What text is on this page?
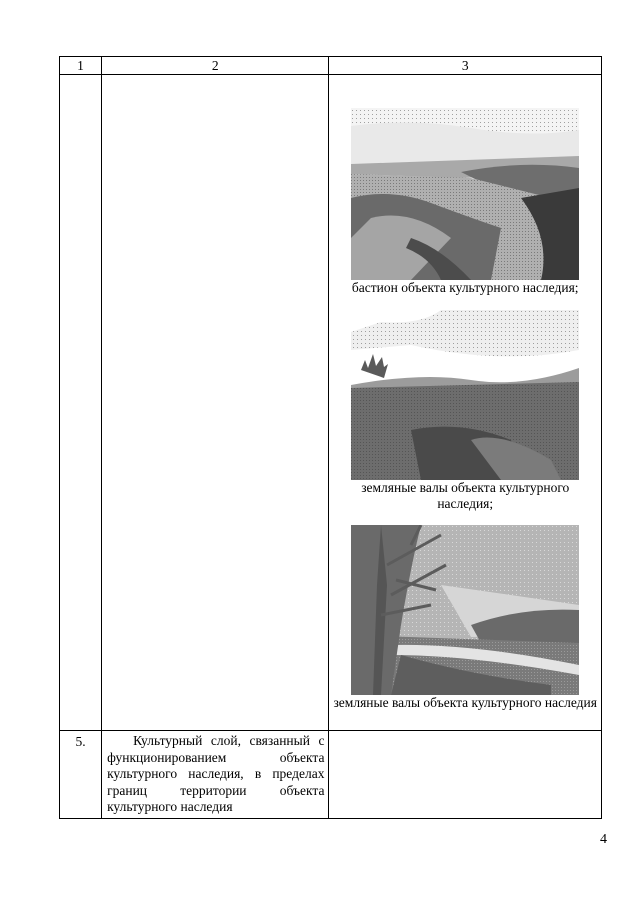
1	2	3

		бастион объекта культурного наследия;
земляные валы объекта культурного наследия;
земляные валы объекта культурного наследия

5.	Культурный слой, связанный с функционированием объекта культурного наследия, в пределах границ территории объекта культурного наследия	
4
